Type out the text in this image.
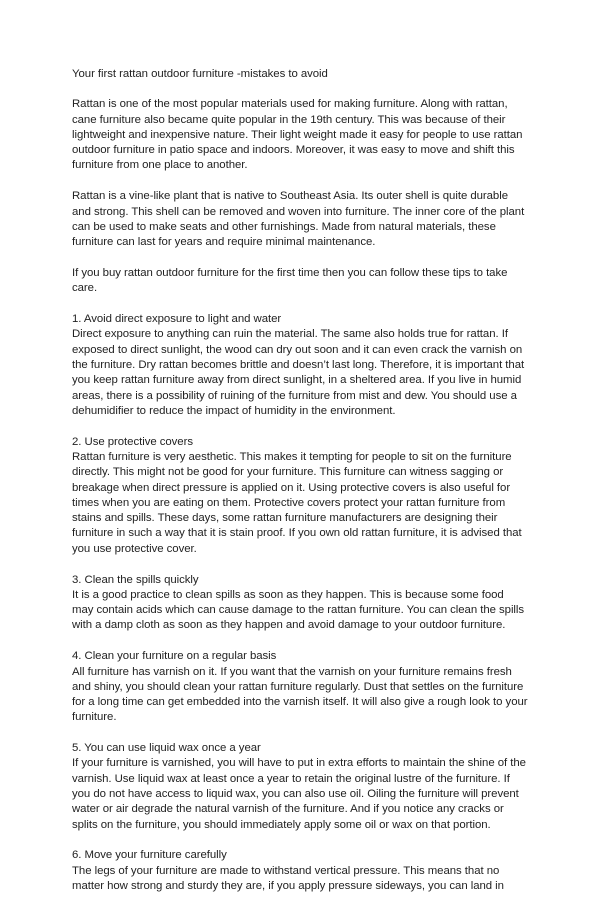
Your first rattan outdoor furniture -mistakes to avoid

Rattan is one of the most popular materials used for making furniture. Along with rattan, cane furniture also became quite popular in the 19th century. This was because of their lightweight and inexpensive nature. Their light weight made it easy for people to use rattan outdoor furniture in patio space and indoors. Moreover, it was easy to move and shift this furniture from one place to another.

Rattan is a vine-like plant that is native to Southeast Asia. Its outer shell is quite durable and strong. This shell can be removed and woven into furniture. The inner core of the plant can be used to make seats and other furnishings. Made from natural materials, these furniture can last for years and require minimal maintenance.

If you buy rattan outdoor furniture for the first time then you can follow these tips to take care.

1. Avoid direct exposure to light and water

Direct exposure to anything can ruin the material. The same also holds true for rattan. If exposed to direct sunlight, the wood can dry out soon and it can even crack the varnish on the furniture. Dry rattan becomes brittle and doesn’t last long. Therefore, it is important that you keep rattan furniture away from direct sunlight, in a sheltered area. If you live in humid areas, there is a possibility of ruining of the furniture from mist and dew. You should use a dehumidifier to reduce the impact of humidity in the environment.

2. Use protective covers

Rattan furniture is very aesthetic. This makes it tempting for people to sit on the furniture directly. This might not be good for your furniture. This furniture can witness sagging or breakage when direct pressure is applied on it. Using protective covers is also useful for times when you are eating on them. Protective covers protect your rattan furniture from stains and spills. These days, some rattan furniture manufacturers are designing their furniture in such a way that it is stain proof. If you own old rattan furniture, it is advised that you use protective cover.

3. Clean the spills quickly

It is a good practice to clean spills as soon as they happen. This is because some food may contain acids which can cause damage to the rattan furniture. You can clean the spills with a damp cloth as soon as they happen and avoid damage to your outdoor furniture.

4. Clean your furniture on a regular basis

All furniture has varnish on it. If you want that the varnish on your furniture remains fresh and shiny, you should clean your rattan furniture regularly. Dust that settles on the furniture for a long time can get embedded into the varnish itself. It will also give a rough look to your furniture.

5. You can use liquid wax once a year

If your furniture is varnished, you will have to put in extra efforts to maintain the shine of the varnish. Use liquid wax at least once a year to retain the original lustre of the furniture. If you do not have access to liquid wax, you can also use oil. Oiling the furniture will prevent water or air degrade the natural varnish of the furniture. And if you notice any cracks or splits on the furniture, you should immediately apply some oil or wax on that portion.

6. Move your furniture carefully

The legs of your furniture are made to withstand vertical pressure. This means that no matter how strong and sturdy they are, if you apply pressure sideways, you can land in
